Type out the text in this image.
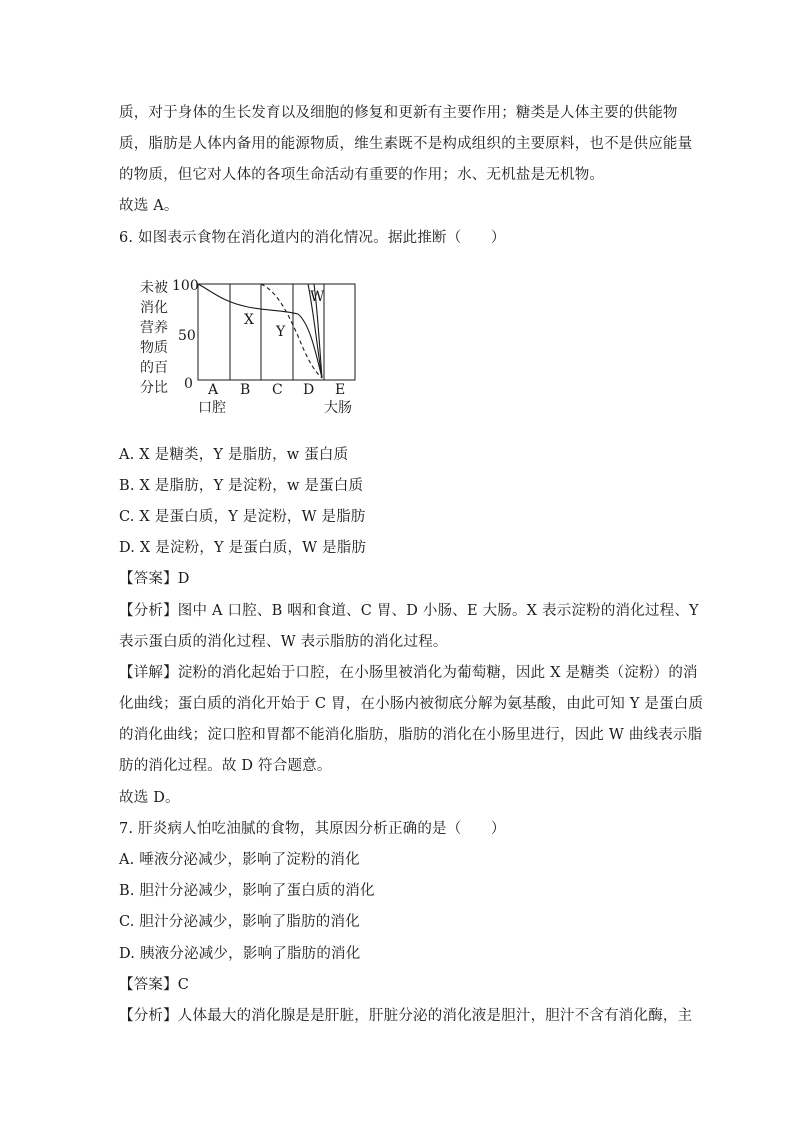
质，对于身体的生长发育以及细胞的修复和更新有主要作用；糖类是人体主要的供能物
质，脂肪是人体内备用的能源物质，维生素既不是构成组织的主要原料，也不是供应能量
的物质，但它对人体的各项生命活动有重要的作用；水、无机盐是无机物。
故选 A。
6. 如图表示食物在消化道内的消化情况。据此推断（　　）
未被
消化
营养
物质
的百
分比
100
50
0
X
Y
W
A B C D E
口腔	大肠
A. X 是糖类，Y 是脂肪，w 蛋白质
B. X 是脂肪，Y 是淀粉，w 是蛋白质
C. X 是蛋白质，Y 是淀粉，W 是脂肪
D. X 是淀粉，Y 是蛋白质，W 是脂肪
【答案】D
【分析】图中 A 口腔、B 咽和食道、C 胃、D 小肠、E 大肠。X 表示淀粉的消化过程、Y
表示蛋白质的消化过程、W 表示脂肪的消化过程。
【详解】淀粉的消化起始于口腔，在小肠里被消化为葡萄糖，因此 X 是糖类（淀粉）的消
化曲线；蛋白质的消化开始于 C 胃，在小肠内被彻底分解为氨基酸，由此可知 Y 是蛋白质
的消化曲线；淀口腔和胃都不能消化脂肪，脂肪的消化在小肠里进行，因此 W 曲线表示脂
肪的消化过程。故 D 符合题意。
故选 D。
7. 肝炎病人怕吃油腻的食物，其原因分析正确的是（　　）
A. 唾液分泌减少，影响了淀粉的消化
B. 胆汁分泌减少，影响了蛋白质的消化
C. 胆汁分泌减少，影响了脂肪的消化
D. 胰液分泌减少，影响了脂肪的消化
【答案】C
【分析】人体最大的消化腺是是肝脏，肝脏分泌的消化液是胆汁，胆汁不含有消化酶，主
